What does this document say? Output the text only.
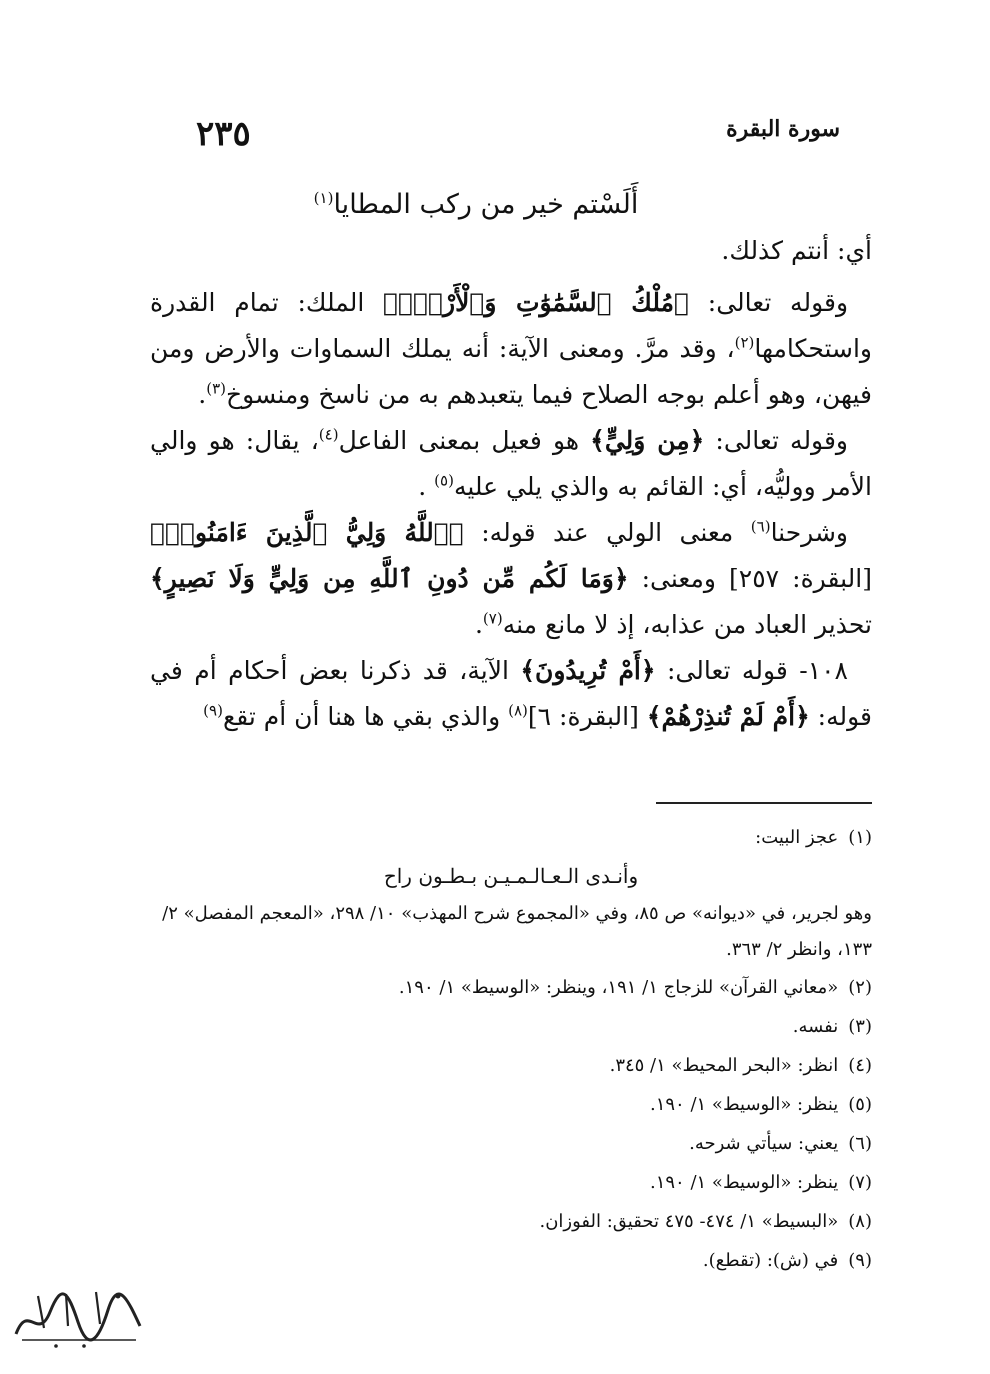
٢٣٥	سورة البقرة
أَلَسْتم خير من ركب المطايا$^{(١)}$

أي: أنتم كذلك.

وقوله تعالى: ﴿مُلْكُ ٱلسَّمَٰوَٰتِ وَٱلْأَرْضِۗ﴾ الملك: تمام القدرة واستحكامها$^{(٢)}$، وقد مرَّ. ومعنى الآية: أنه يملك السماوات والأرض ومن فيهن، وهو أعلم بوجه الصلاح فيما يتعبدهم به من ناسخ ومنسوخ$^{(٣)}$.

وقوله تعالى: ﴿مِن وَلِيٍّ﴾ هو فعيل بمعنى الفاعل$^{(٤)}$، يقال: هو والي الأمر ووليُّه، أي: القائم به والذي يلي عليه$^{(٥)}$ .

وشرحنا$^{(٦)}$ معنى الولي عند قوله: ﴿ٱللَّهُ وَلِيُّ ٱلَّذِينَ ءَامَنُوا۟﴾ [البقرة: ٢٥٧] ومعنى: ﴿وَمَا لَكُم مِّن دُونِ ٱللَّهِ مِن وَلِيٍّ وَلَا نَصِيرٍ﴾ تحذير العباد من عذابه، إذ لا مانع منه$^{(٧)}$.

١٠٨- قوله تعالى: ﴿أَمْ تُرِيدُونَ﴾ الآية، قد ذكرنا بعض أحكام أم في قوله: ﴿أَمْ لَمْ تُنذِرْهُمْ﴾ [البقرة: ٦]$^{(٨)}$ والذي بقي ها هنا أن أم تقع$^{(٩)}$

(١) عجز البيت:

وأنـدى الـعـالـمـيـن بـطـون راح

وهو لجرير، في «ديوانه» ص ٨٥، وفي «المجموع شرح المهذب» ١٠/ ٢٩٨، «المعجم المفصل» ٢/ ١٣٣، وانظر ٢/ ٣٦٣.

(٢) «معاني القرآن» للزجاج ١/ ١٩١، وينظر: «الوسيط» ١/ ١٩٠.

(٣) نفسه.

(٤) انظر: «البحر المحيط» ١/ ٣٤٥.

(٥) ينظر: «الوسيط» ١/ ١٩٠.

(٦) يعني: سيأتي شرحه.

(٧) ينظر: «الوسيط» ١/ ١٩٠.

(٨) «البسيط» ١/ ٤٧٤- ٤٧٥ تحقيق: الفوزان.

(٩) في (ش): (تقطع).
